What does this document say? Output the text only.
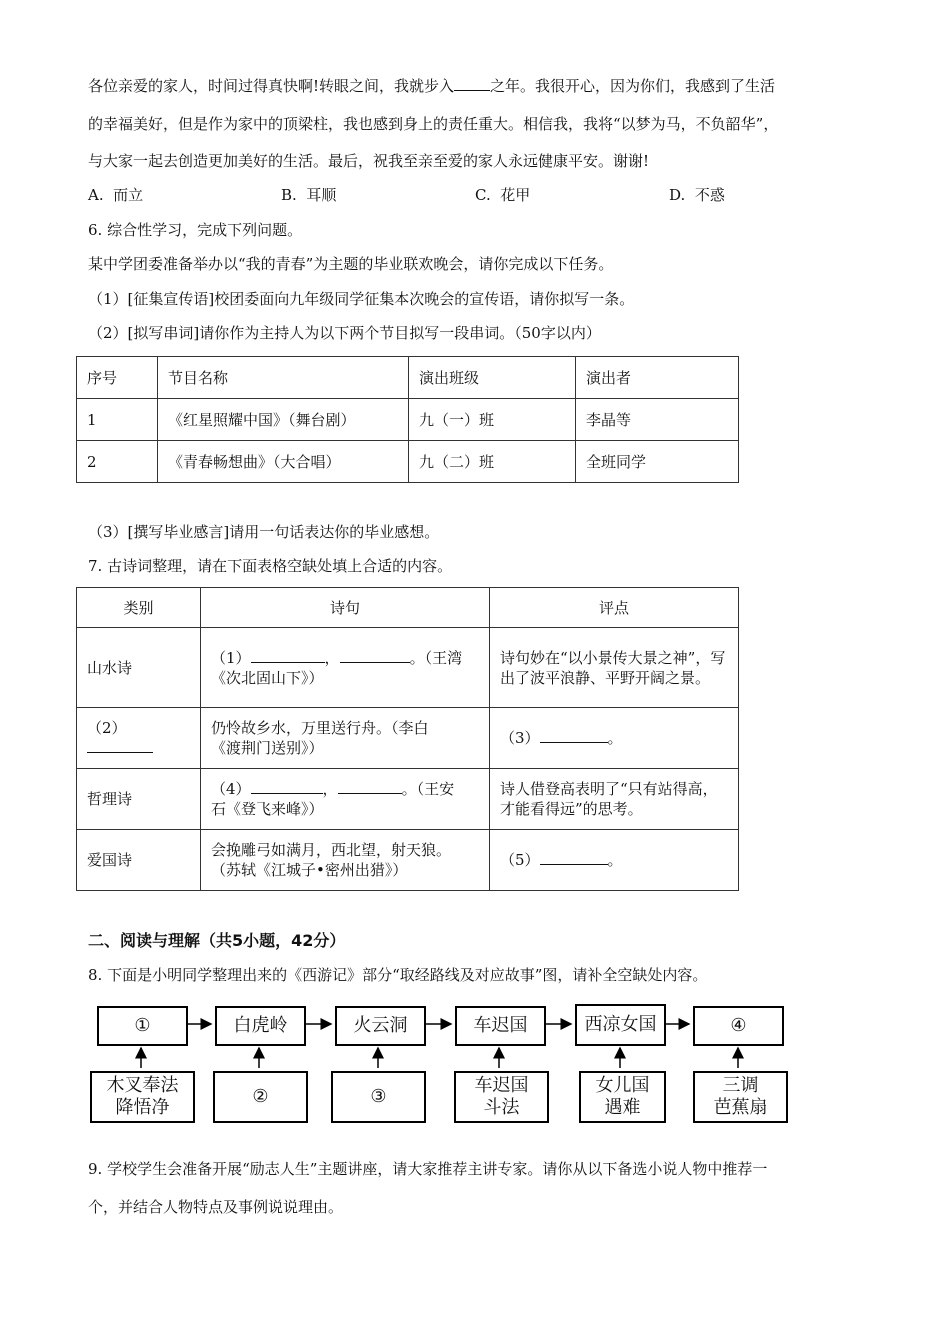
各位亲爱的家人，时间过得真快啊!转眼之间，我就步入 之年。我很开心，因为你们，我感到了生活
的幸福美好，但是作为家中的顶梁柱，我也感到身上的责任重大。相信我，我将“以梦为马，不负韶华”，
与大家一起去创造更加美好的生活。最后，祝我至亲至爱的家人永远健康平安。谢谢!
A. 而立	B. 耳顺	C. 花甲	D. 不惑
6. 综合性学习，完成下列问题。
某中学团委准备举办以“我的青春”为主题的毕业联欢晚会，请你完成以下任务。
（1）[征集宣传语]校团委面向九年级同学征集本次晚会的宣传语，请你拟写一条。
（2）[拟写串词]请你作为主持人为以下两个节目拟写一段串词。（50字以内）
序号	节目名称	演出班级	演出者
1	《红星照耀中国》（舞台剧）	九（一）班	李晶等
2	《青春畅想曲》（大合唱）	九（二）班	全班同学
（3）[撰写毕业感言]请用一句话表达你的毕业感想。
7. 古诗词整理，请在下面表格空缺处填上合适的内容。
类别	诗句	评点
山水诗	（1） ， 。（王湾
《次北固山下》）	诗句妙在“以小景传大景之神”，写出了波平浪静、平野开阔之景。
（2）	仍怜故乡水，万里送行舟。（李白
《渡荆门送别》）	（3） 。
哲理诗	（4） ， 。（王安
石《登飞来峰》）	诗人借登高表明了“只有站得高，才能看得远”的思考。
爱国诗	会挽雕弓如满月，西北望，射天狼。
（苏轼《江城子•密州出猎》）	（5） 。
二、阅读与理解（共5小题，42分）
8. 下面是小明同学整理出来的《西游记》部分“取经路线及对应故事”图，请补全空缺处内容。
①	白虎岭	火云洞	车迟国	西凉女国	④
木叉奉法
降悟净
②	③
车迟国
斗法
女儿国
遇难
三调
芭蕉扇
9. 学校学生会准备开展“励志人生”主题讲座，请大家推荐主讲专家。请你从以下备选小说人物中推荐一
个，并结合人物特点及事例说说理由。
